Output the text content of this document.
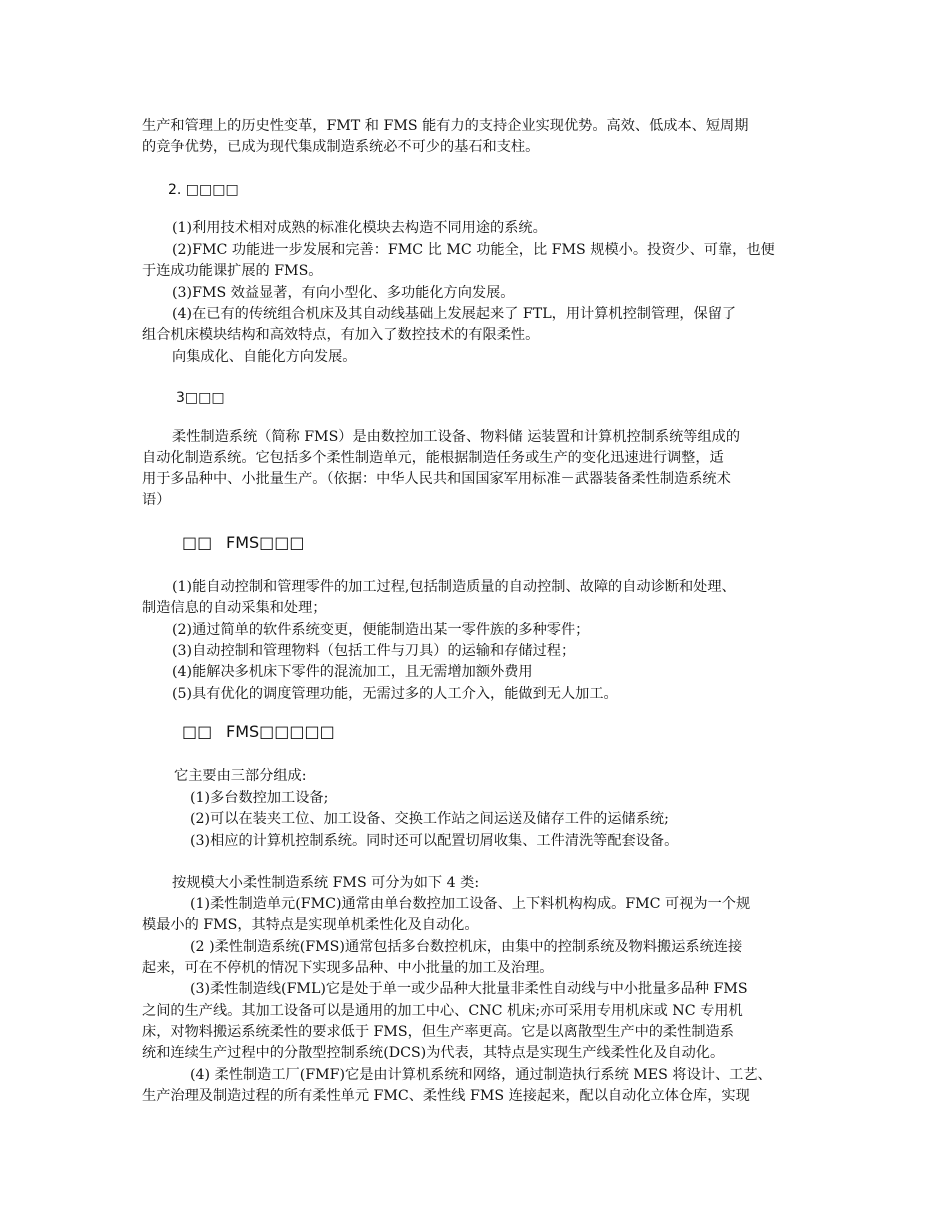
生产和管理上的历史性变革，FMT 和 FMS 能有力的支持企业实现优势。高效、低成本、短周期
的竞争优势，已成为现代集成制造系统必不可少的基石和支柱。
2. □□□□
(1)利用技术相对成熟的标准化模块去构造不同用途的系统。
(2)FMC 功能进一步发展和完善：FMC 比 MC 功能全，比 FMS 规模小。投资少、可靠，也便
于连成功能课扩展的 FMS。
(3)FMS 效益显著，有向小型化、多功能化方向发展。
(4)在已有的传统组合机床及其自动线基础上发展起来了 FTL，用计算机控制管理，保留了
组合机床模块结构和高效特点，有加入了数控技术的有限柔性。
向集成化、自能化方向发展。
3□□□
柔性制造系统（简称 FMS）是由数控加工设备、物料储 运装置和计算机控制系统等组成的
自动化制造系统。它包括多个柔性制造单元，能根据制造任务或生产的变化迅速进行调整，适
用于多品种中、小批量生产。（依据：中华人民共和国国家军用标准－武器装备柔性制造系统术
语）
□□ FMS□□□
(1)能自动控制和管理零件的加工过程,包括制造质量的自动控制、故障的自动诊断和处理、
制造信息的自动采集和处理；
(2)通过简单的软件系统变更，便能制造出某一零件族的多种零件；
(3)自动控制和管理物料（包括工件与刀具）的运输和存储过程；
(4)能解决多机床下零件的混流加工，且无需增加额外费用
(5)具有优化的调度管理功能，无需过多的人工介入，能做到无人加工。
□□ FMS□□□□□
它主要由三部分组成:
(1)多台数控加工设备;
(2)可以在装夹工位、加工设备、交换工作站之间运送及储存工件的运储系统;
(3)相应的计算机控制系统。同时还可以配置切屑收集、工件清洗等配套设备。
按规模大小柔性制造系统 FMS 可分为如下 4 类:
(1)柔性制造单元(FMC)通常由单台数控加工设备、上下料机构构成。FMC 可视为一个规
模最小的 FMS，其特点是实现单机柔性化及自动化。
(2 )柔性制造系统(FMS)通常包括多台数控机床，由集中的控制系统及物料搬运系统连接
起来，可在不停机的情况下实现多品种、中小批量的加工及治理。
(3)柔性制造线(FML)它是处于单一或少品种大批量非柔性自动线与中小批量多品种 FMS
之间的生产线。其加工设备可以是通用的加工中心、CNC 机床;亦可采用专用机床或 NC 专用机
床，对物料搬运系统柔性的要求低于 FMS，但生产率更高。它是以离散型生产中的柔性制造系
统和连续生产过程中的分散型控制系统(DCS)为代表，其特点是实现生产线柔性化及自动化。
(4) 柔性制造工厂(FMF)它是由计算机系统和网络，通过制造执行系统 MES 将设计、工艺、
生产治理及制造过程的所有柔性单元 FMC、柔性线 FMS 连接起来，配以自动化立体仓库，实现
